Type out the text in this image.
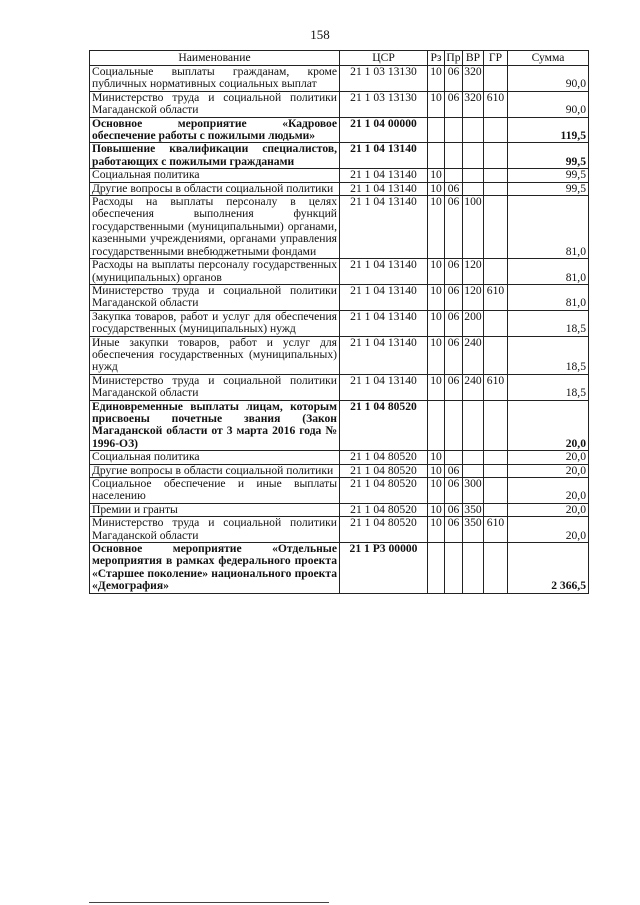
158
Наименование	ЦСР	Рз	Пр	ВР	ГР	Сумма
Социальные выплаты гражданам, кроме публичных нормативных социальных выплат	21 1 03 13130	10	06	320		90,0
Министерство труда и социальной политики Магаданской области	21 1 03 13130	10	06	320	610	90,0
Основное мероприятие «Кадровое обеспечение работы с пожилыми людьми»	21 1 04 00000					119,5
Повышение квалификации специалистов, работающих с пожилыми гражданами	21 1 04 13140					99,5
Социальная политика	21 1 04 13140	10				99,5
Другие вопросы в области социальной политики	21 1 04 13140	10	06			99,5
Расходы на выплаты персоналу в целях обеспечения выполнения функций государственными (муниципальными) органами, казенными учреждениями, органами управления государственными внебюджетными фондами	21 1 04 13140	10	06	100		81,0
Расходы на выплаты персоналу государственных (муниципальных) органов	21 1 04 13140	10	06	120		81,0
Министерство труда и социальной политики Магаданской области	21 1 04 13140	10	06	120	610	81,0
Закупка товаров, работ и услуг для обеспечения государственных (муниципальных) нужд	21 1 04 13140	10	06	200		18,5
Иные закупки товаров, работ и услуг для обеспечения государственных (муниципальных) нужд	21 1 04 13140	10	06	240		18,5
Министерство труда и социальной политики Магаданской области	21 1 04 13140	10	06	240	610	18,5
Единовременные выплаты лицам, которым присвоены почетные звания (Закон Магаданской области от 3 марта 2016 года № 1996-ОЗ)	21 1 04 80520					20,0
Социальная политика	21 1 04 80520	10				20,0
Другие вопросы в области социальной политики	21 1 04 80520	10	06			20,0
Социальное обеспечение и иные выплаты населению	21 1 04 80520	10	06	300		20,0
Премии и гранты	21 1 04 80520	10	06	350		20,0
Министерство труда и социальной политики Магаданской области	21 1 04 80520	10	06	350	610	20,0
Основное мероприятие «Отдельные мероприятия в рамках федерального проекта «Старшее поколение» национального проекта «Демография»	21 1 P3 00000					2 366,5
